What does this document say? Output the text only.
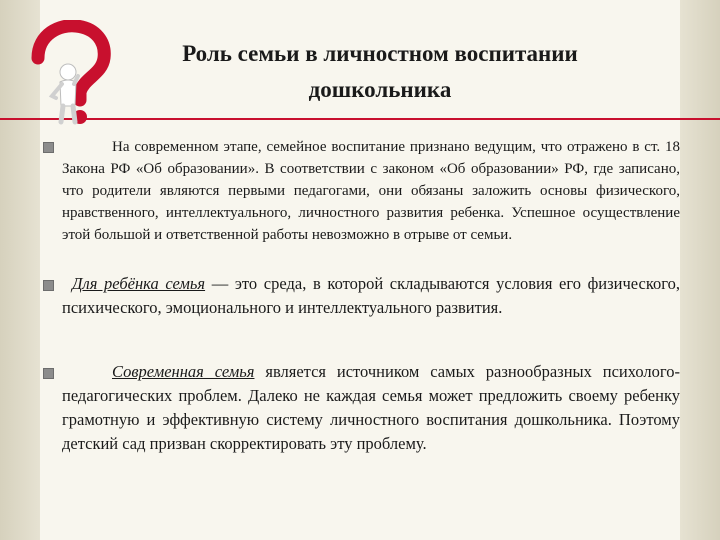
Роль семьи в личностном воспитании
дошкольника

На современном этапе, семейное воспитание признано ведущим, что отражено в ст. 18 Закона РФ «Об образовании». В соответствии с законом «Об образовании» РФ, где записано, что родители являются первыми педагогами, они обязаны заложить основы физического, нравственного, интеллектуального, личностного развития ребенка. Успешное осуществление этой большой и ответственной работы невозможно в отрыве от семьи.

Для ребёнка семья — это среда, в которой складываются условия его физического, психического, эмоционального и интеллектуального развития.

Современная семья является источником самых разнообразных психолого-педагогических проблем. Далеко не каждая семья может предложить своему ребенку грамотную и эффективную систему личностного воспитания дошкольника. Поэтому детский сад призван скорректировать эту проблему.
